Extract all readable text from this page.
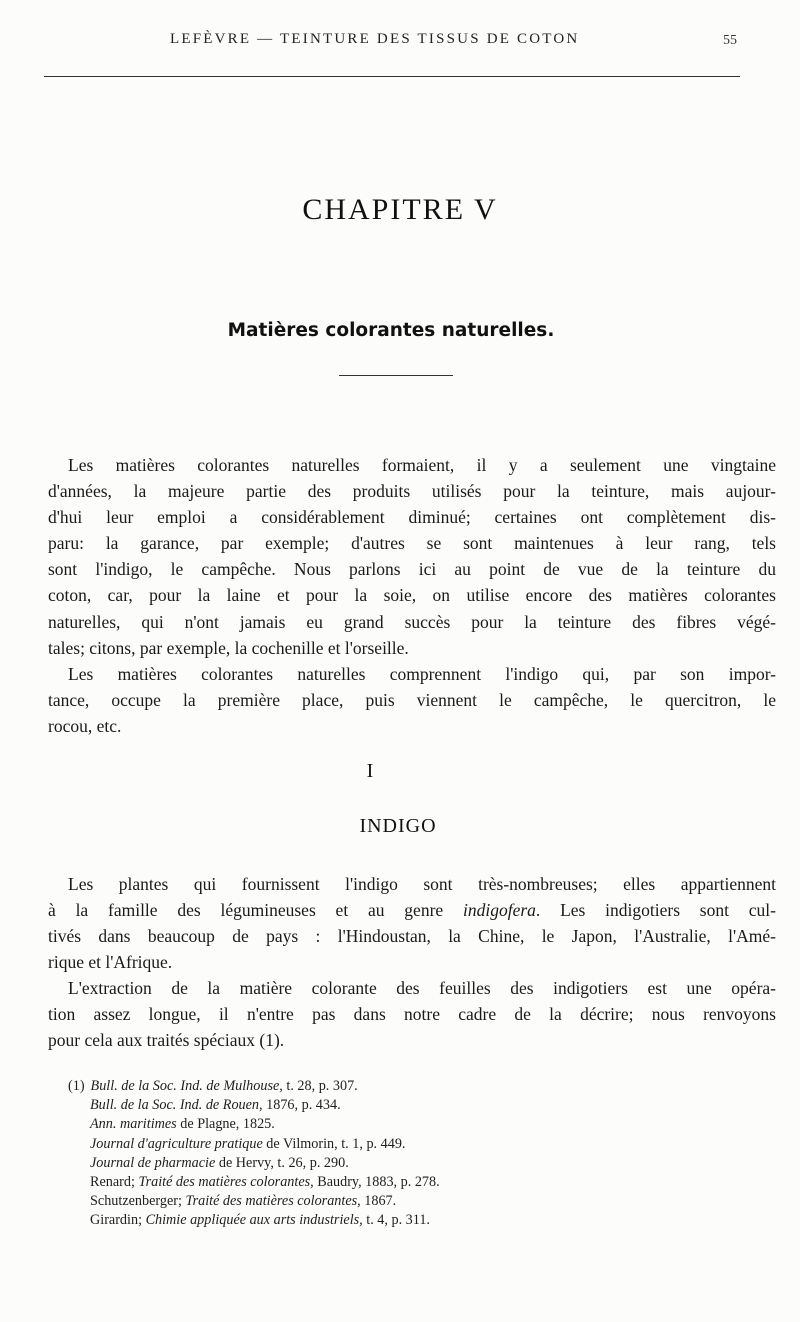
LEFÈVRE — TEINTURE DES TISSUS DE COTON	55
CHAPITRE V
Matières colorantes naturelles.
Les matières colorantes naturelles formaient, il y a seulement une vingtaine
d'années, la majeure partie des produits utilisés pour la teinture, mais aujour-
d'hui leur emploi a considérablement diminué; certaines ont complètement dis-
paru: la garance, par exemple; d'autres se sont maintenues à leur rang, tels
sont l'indigo, le campêche. Nous parlons ici au point de vue de la teinture du
coton, car, pour la laine et pour la soie, on utilise encore des matières colorantes
naturelles, qui n'ont jamais eu grand succès pour la teinture des fibres végé-
tales; citons, par exemple, la cochenille et l'orseille.
Les matières colorantes naturelles comprennent l'indigo qui, par son impor-
tance, occupe la première place, puis viennent le campêche, le quercitron, le
rocou, etc.
I
INDIGO
Les plantes qui fournissent l'indigo sont très-nombreuses; elles appartiennent
à la famille des légumineuses et au genre indigofera. Les indigotiers sont cul-
tivés dans beaucoup de pays : l'Hindoustan, la Chine, le Japon, l'Australie, l'Amé-
rique et l'Afrique.
L'extraction de la matière colorante des feuilles des indigotiers est une opéra-
tion assez longue, il n'entre pas dans notre cadre de la décrire; nous renvoyons
pour cela aux traités spéciaux (1).
(1) Bull. de la Soc. Ind. de Mulhouse, t. 28, p. 307.
Bull. de la Soc. Ind. de Rouen, 1876, p. 434.
Ann. maritimes de Plagne, 1825.
Journal d'agriculture pratique de Vilmorin, t. 1, p. 449.
Journal de pharmacie de Hervy, t. 26, p. 290.
Renard; Traité des matières colorantes, Baudry, 1883, p. 278.
Schutzenberger; Traité des matières colorantes, 1867.
Girardin; Chimie appliquée aux arts industriels, t. 4, p. 311.
